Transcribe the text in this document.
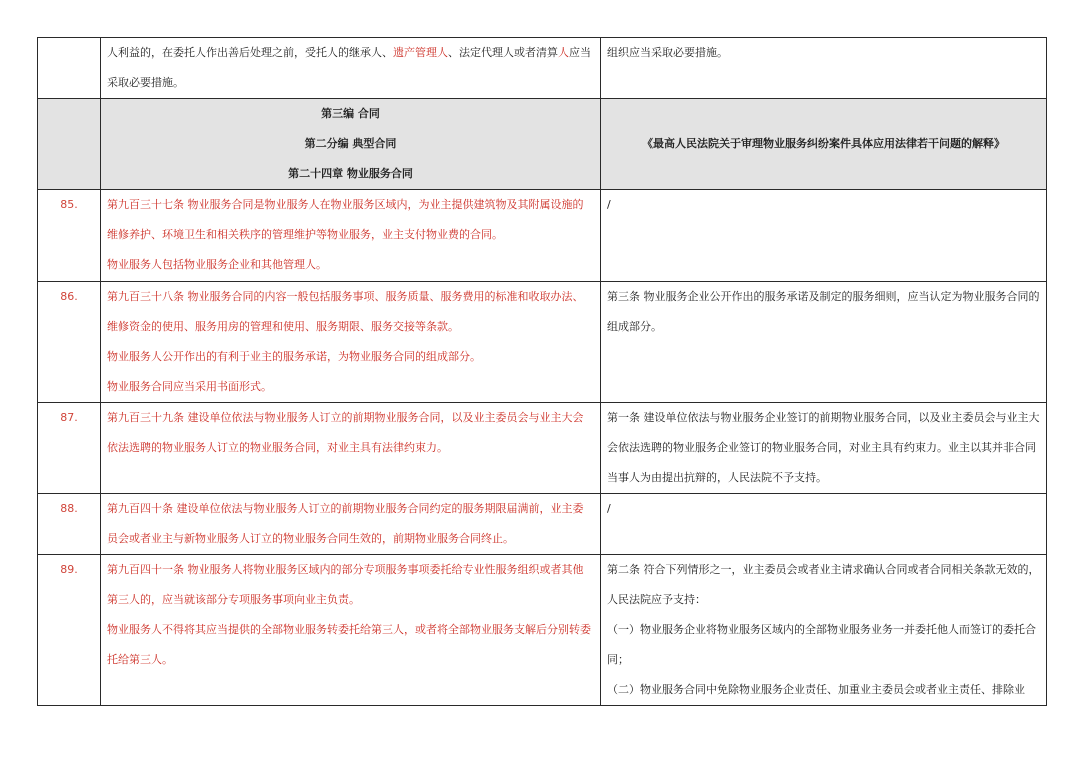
	人利益的，在委托人作出善后处理之前，受托人的继承人、遗产管理人、法定代理人或者清算人应当采取必要措施。	组织应当采取必要措施。

	第三编 合同
第二分编 典型合同
第二十四章 物业服务合同	《最高人民法院关于审理物业服务纠纷案件具体应用法律若干问题的解释》
85.	第九百三十七条 物业服务合同是物业服务人在物业服务区域内，为业主提供建筑物及其附属设施的维修养护、环境卫生和相关秩序的管理维护等物业服务，业主支付物业费的合同。
物业服务人包括物业服务企业和其他管理人。	/

86.	第九百三十八条 物业服务合同的内容一般包括服务事项、服务质量、服务费用的标准和收取办法、维修资金的使用、服务用房的管理和使用、服务期限、服务交接等条款。
物业服务人公开作出的有利于业主的服务承诺，为物业服务合同的组成部分。
物业服务合同应当采用书面形式。	第三条 物业服务企业公开作出的服务承诺及制定的服务细则，应当认定为物业服务合同的组成部分。

87.	第九百三十九条 建设单位依法与物业服务人订立的前期物业服务合同，以及业主委员会与业主大会依法选聘的物业服务人订立的物业服务合同，对业主具有法律约束力。	第一条 建设单位依法与物业服务企业签订的前期物业服务合同，以及业主委员会与业主大会依法选聘的物业服务企业签订的物业服务合同，对业主具有约束力。业主以其并非合同当事人为由提出抗辩的，人民法院不予支持。

88.	第九百四十条 建设单位依法与物业服务人订立的前期物业服务合同约定的服务期限届满前，业主委员会或者业主与新物业服务人订立的物业服务合同生效的，前期物业服务合同终止。	/

89.	第九百四十一条 物业服务人将物业服务区域内的部分专项服务事项委托给专业性服务组织或者其他第三人的，应当就该部分专项服务事项向业主负责。
物业服务人不得将其应当提供的全部物业服务转委托给第三人，或者将全部物业服务支解后分别转委托给第三人。	第二条 符合下列情形之一，业主委员会或者业主请求确认合同或者合同相关条款无效的，人民法院应予支持：
（一）物业服务企业将物业服务区域内的全部物业服务业务一并委托他人而签订的委托合同；
（二）物业服务合同中免除物业服务企业责任、加重业主委员会或者业主责任、排除业
